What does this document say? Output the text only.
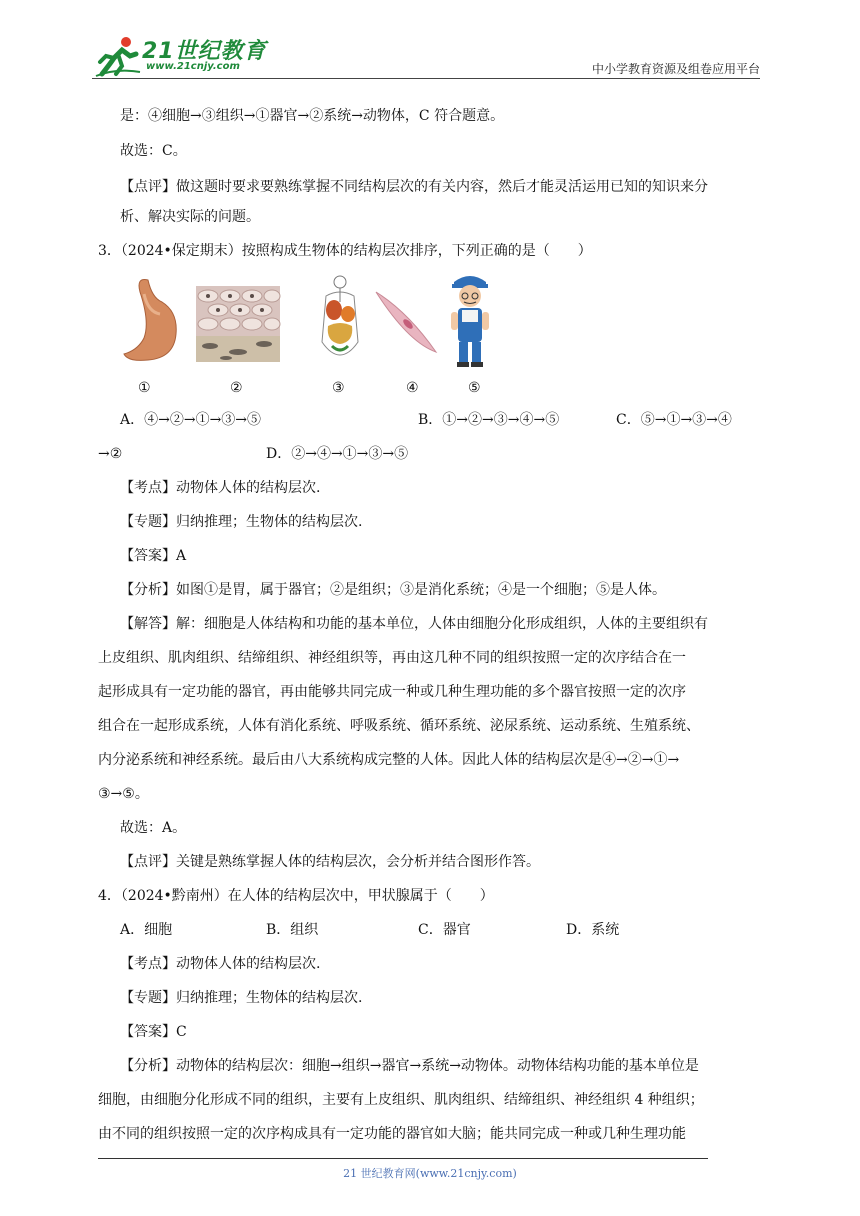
21世纪教育
www.21cnjy.com	中小学教育资源及组卷应用平台
是：④细胞→③组织→①器官→②系统→动物体，C 符合题意。
故选：C。
【点评】做这题时要求要熟练掌握不同结构层次的有关内容，然后才能灵活运用已知的知识来分
析、解决实际的问题。
3．（2024•保定期末）按照构成生物体的结构层次排序，下列正确的是（　　）
①	②	③	④	⑤
A．④→②→①→③→⑤	B．①→②→③→④→⑤	C．⑤→①→③→④
→②	D．②→④→①→③→⑤
【考点】动物体人体的结构层次.
【专题】归纳推理；生物体的结构层次.
【答案】A
【分析】如图①是胃，属于器官；②是组织；③是消化系统；④是一个细胞；⑤是人体。
【解答】解：细胞是人体结构和功能的基本单位，人体由细胞分化形成组织，人体的主要组织有
上皮组织、肌肉组织、结缔组织、神经组织等，再由这几种不同的组织按照一定的次序结合在一
起形成具有一定功能的器官，再由能够共同完成一种或几种生理功能的多个器官按照一定的次序
组合在一起形成系统，人体有消化系统、呼吸系统、循环系统、泌尿系统、运动系统、生殖系统、
内分泌系统和神经系统。最后由八大系统构成完整的人体。因此人体的结构层次是④→②→①→
③→⑤。
故选：A。
【点评】关键是熟练掌握人体的结构层次，会分析并结合图形作答。
4．（2024•黔南州）在人体的结构层次中，甲状腺属于（　　）
A．细胞	B．组织	C．器官	D．系统
【考点】动物体人体的结构层次.
【专题】归纳推理；生物体的结构层次.
【答案】C
【分析】动物体的结构层次：细胞→组织→器官→系统→动物体。动物体结构功能的基本单位是
细胞，由细胞分化形成不同的组织，主要有上皮组织、肌肉组织、结缔组织、神经组织 4 种组织；
由不同的组织按照一定的次序构成具有一定功能的器官如大脑；能共同完成一种或几种生理功能
21 世纪教育网(www.21cnjy.com)
